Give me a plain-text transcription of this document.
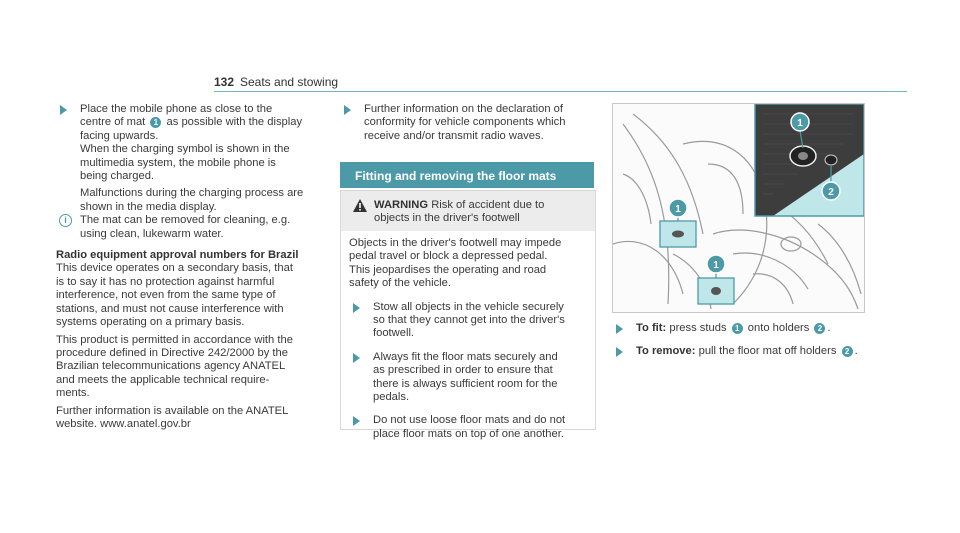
132 Seats and stowing
Place the mobile phone as close to the
centre of mat 1 as possible with the display
facing upwards.
When the charging symbol is shown in the
multimedia system, the mobile phone is
being charged.
Malfunctions during the charging process are
shown in the media display.
i	The mat can be removed for cleaning, e.g.
using clean, lukewarm water.
Radio equipment approval numbers for Brazil
This device operates on a secondary basis, that
is to say it has no protection against harmful
interference, not even from the same type of
stations, and must not cause interference with
systems operating on a primary basis.
This product is permitted in accordance with the
procedure defined in Directive 242/2000 by the
Brazilian telecommunications agency ANATEL
and meets the applicable technical require-
ments.
Further information is available on the ANATEL
website. www.anatel.gov.br
Further information on the declaration of
conformity for vehicle components which
receive and/or transmit radio waves.
Fitting and removing the floor mats
WARNING Risk of accident due to
objects in the driver's footwell
Objects in the driver's footwell may impede
pedal travel or block a depressed pedal.
This jeopardises the operating and road
safety of the vehicle.
Stow all objects in the vehicle securely
so that they cannot get into the driver's
footwell.
Always fit the floor mats securely and
as prescribed in order to ensure that
there is always sufficient room for the
pedals.
Do not use loose floor mats and do not
place floor mats on top of one another.
1
2
1
1
To fit: press studs 1 onto holders 2 .
To remove: pull the floor mat off holders 2 .
